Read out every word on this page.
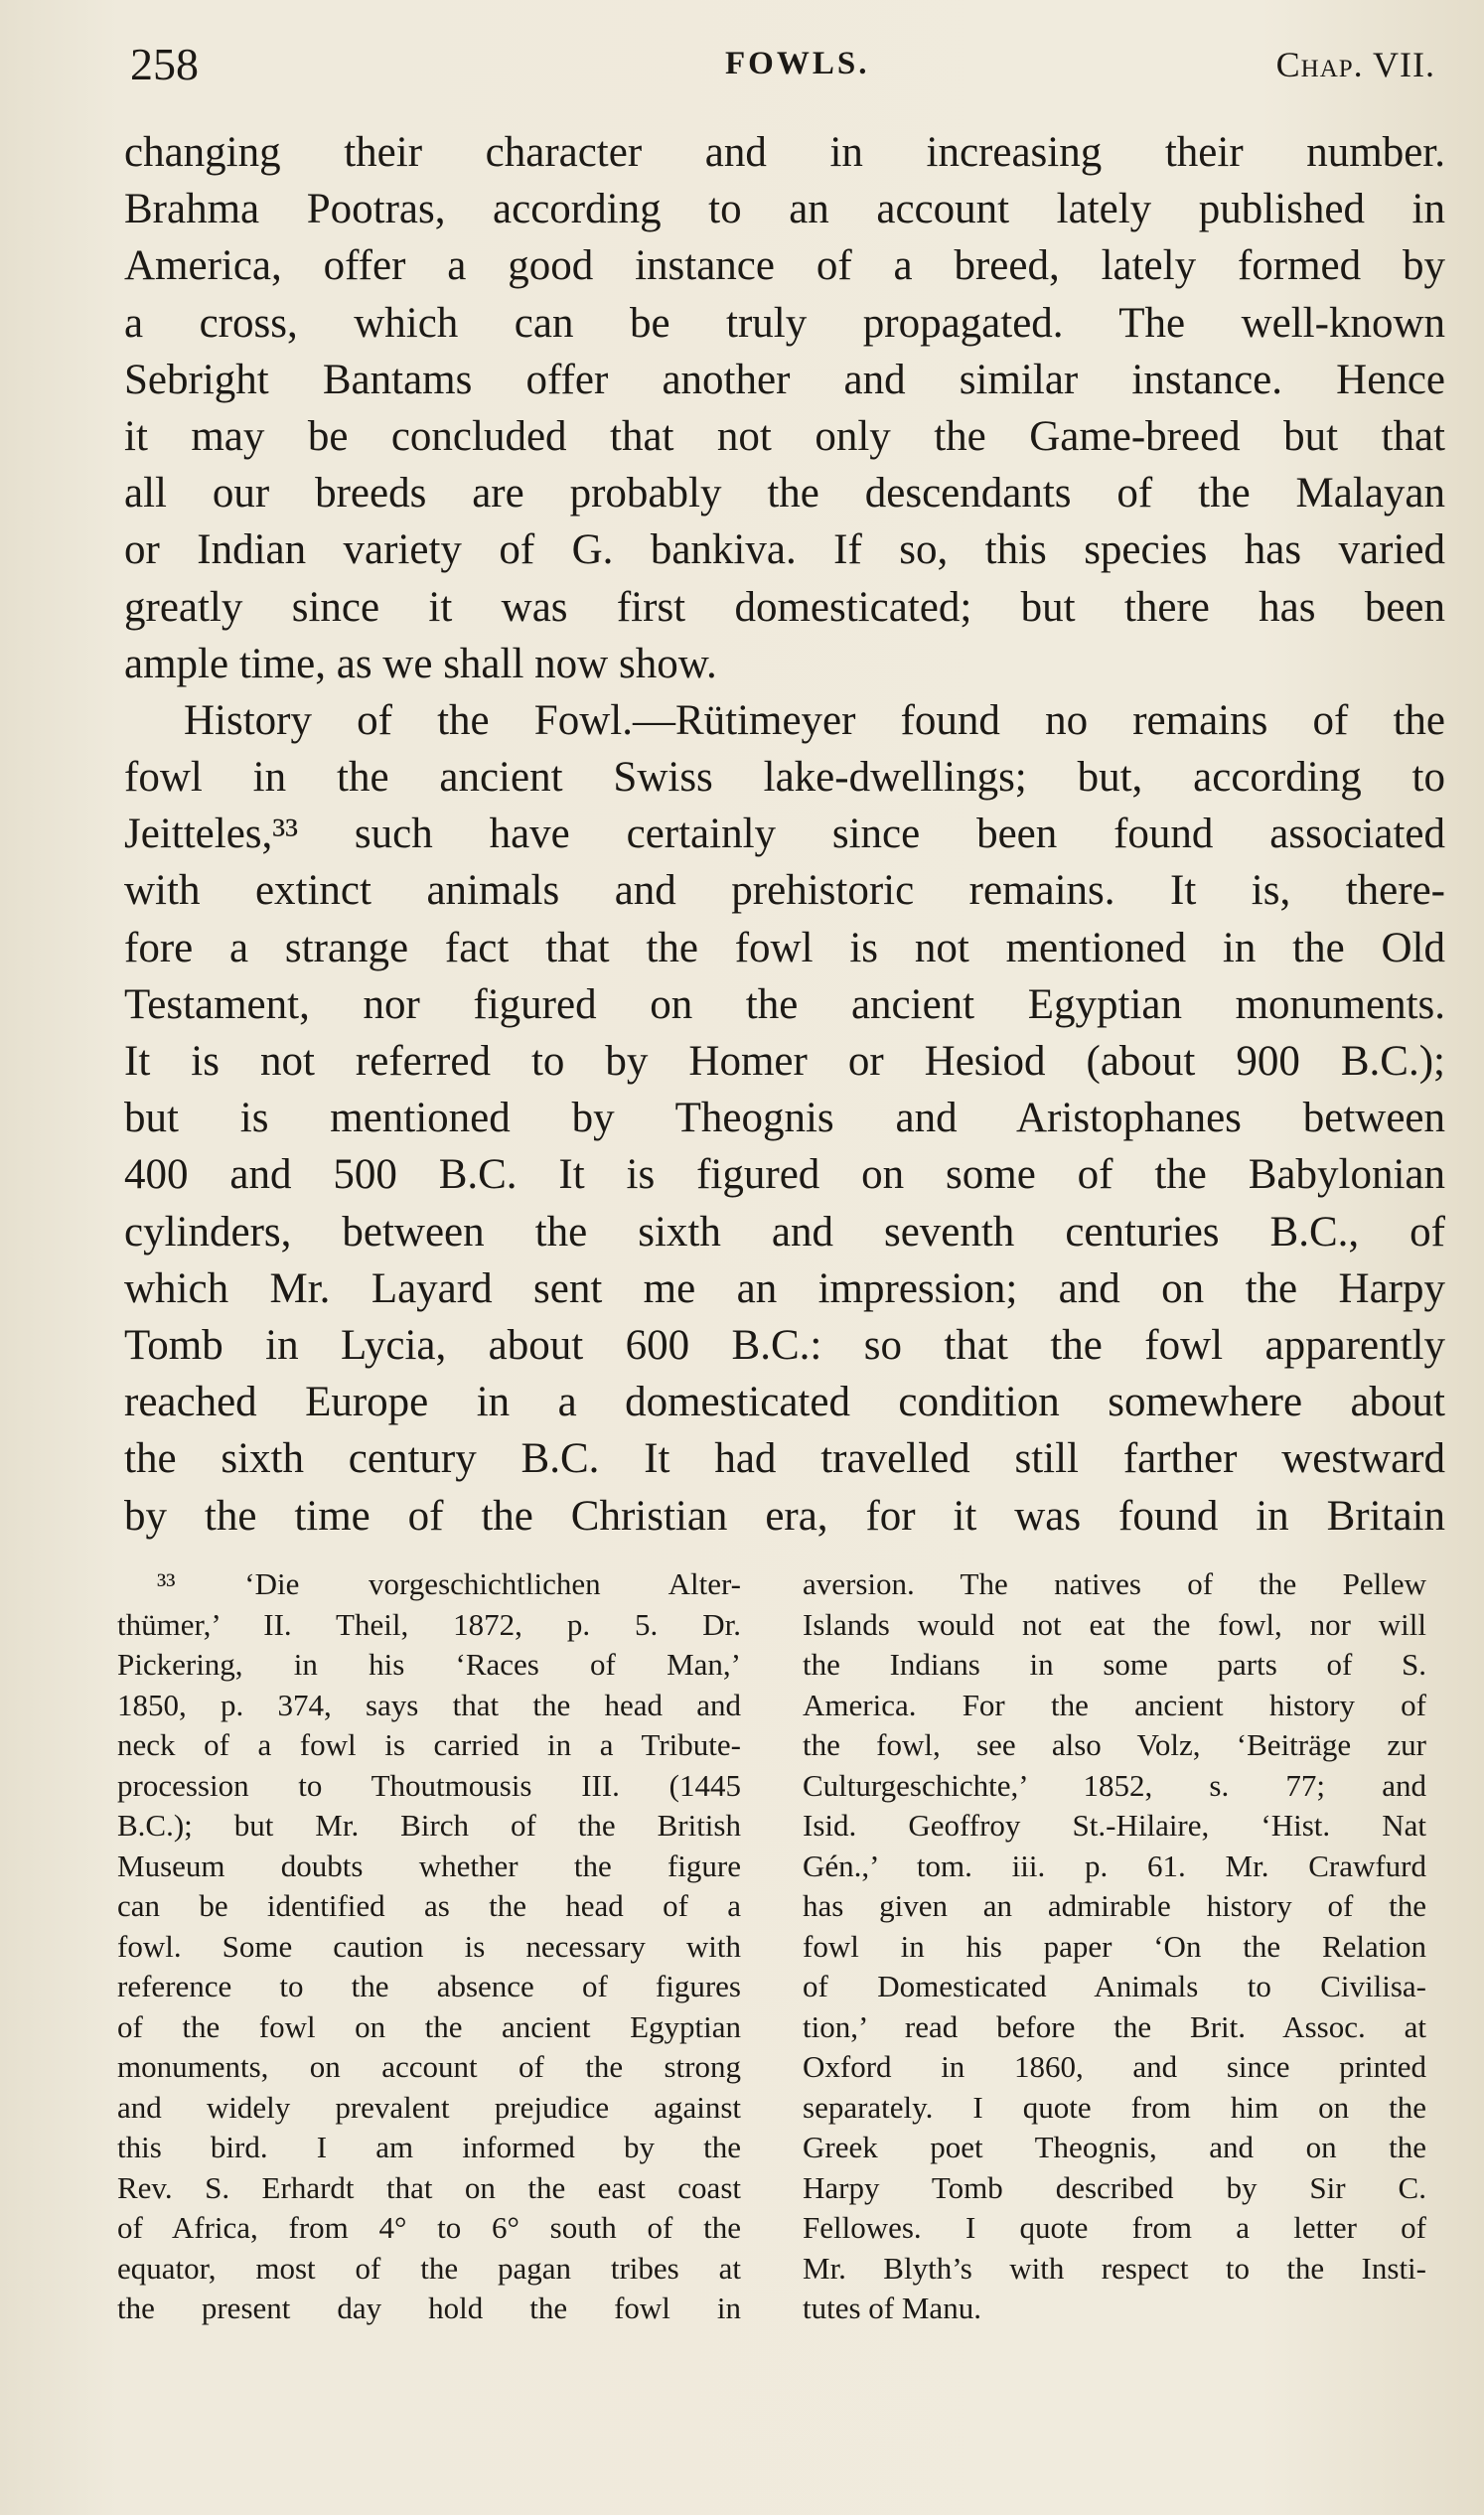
258	FOWLS.	Chap. VII.
changing their character and in increasing their number.
Brahma Pootras, according to an account lately published in
America, offer a good instance of a breed, lately formed by
a cross, which can be truly propagated. The well-known
Sebright Bantams offer another and similar instance. Hence
it may be concluded that not only the Game-breed but that
all our breeds are probably the descendants of the Malayan
or Indian variety of G. bankiva. If so, this species has varied
greatly since it was first domesticated; but there has been
ample time, as we shall now show.
History of the Fowl.—Rütimeyer found no remains of the
fowl in the ancient Swiss lake-dwellings; but, according to
Jeitteles,³³ such have certainly since been found associated
with extinct animals and prehistoric remains. It is, there-
fore a strange fact that the fowl is not mentioned in the Old
Testament, nor figured on the ancient Egyptian monuments.
It is not referred to by Homer or Hesiod (about 900 B.C.);
but is mentioned by Theognis and Aristophanes between
400 and 500 B.C. It is figured on some of the Babylonian
cylinders, between the sixth and seventh centuries B.C., of
which Mr. Layard sent me an impression; and on the Harpy
Tomb in Lycia, about 600 B.C.: so that the fowl apparently
reached Europe in a domesticated condition somewhere about
the sixth century B.C. It had travelled still farther westward
by the time of the Christian era, for it was found in Britain
³³ ‘Die vorgeschichtlichen Alter-
thümer,’ II. Theil, 1872, p. 5. Dr.
Pickering, in his ‘Races of Man,’
1850, p. 374, says that the head and
neck of a fowl is carried in a Tribute-
procession to Thoutmousis III. (1445
B.C.); but Mr. Birch of the British
Museum doubts whether the figure
can be identified as the head of a
fowl. Some caution is necessary with
reference to the absence of figures
of the fowl on the ancient Egyptian
monuments, on account of the strong
and widely prevalent prejudice against
this bird. I am informed by the
Rev. S. Erhardt that on the east coast
of Africa, from 4° to 6° south of the
equator, most of the pagan tribes at
the present day hold the fowl in
aversion. The natives of the Pellew
Islands would not eat the fowl, nor will
the Indians in some parts of S.
America. For the ancient history of
the fowl, see also Volz, ‘Beiträge zur
Culturgeschichte,’ 1852, s. 77; and
Isid. Geoffroy St.-Hilaire, ‘Hist. Nat
Gén.,’ tom. iii. p. 61. Mr. Crawfurd
has given an admirable history of the
fowl in his paper ‘On the Relation
of Domesticated Animals to Civilisa-
tion,’ read before the Brit. Assoc. at
Oxford in 1860, and since printed
separately. I quote from him on the
Greek poet Theognis, and on the
Harpy Tomb described by Sir C.
Fellowes. I quote from a letter of
Mr. Blyth’s with respect to the Insti-
tutes of Manu.
